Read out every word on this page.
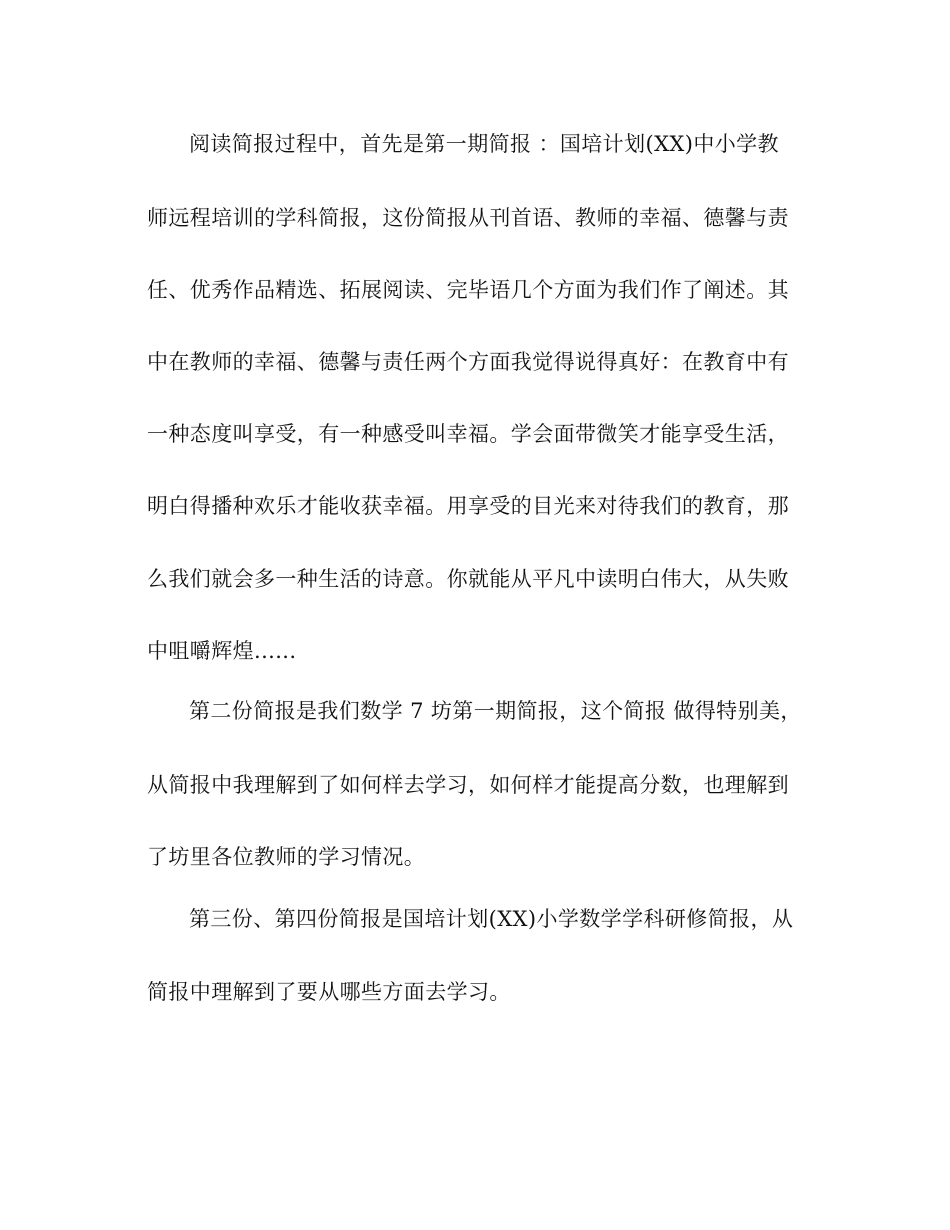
阅读简报过程中，首先是第一期简报 ：国培计划(XX)中小学教
师远程培训的学科简报，这份简报从刊首语、教师的幸福、德馨与责
任、优秀作品精选、拓展阅读、完毕语几个方面为我们作了阐述。其
中在教师的幸福、德馨与责任两个方面我觉得说得真好：在教育中有
一种态度叫享受，有一种感受叫幸福。学会面带微笑才能享受生活，
明白得播种欢乐才能收获幸福。用享受的目光来对待我们的教育，那
么我们就会多一种生活的诗意。你就能从平凡中读明白伟大，从失败
中咀嚼辉煌......
第二份简报是我们数学 7 坊第一期简报，这个简报 做得特别美，
从简报中我理解到了如何样去学习，如何样才能提高分数，也理解到
了坊里各位教师的学习情况。
第三份、第四份简报是国培计划(XX)小学数学学科研修简报，从
简报中理解到了要从哪些方面去学习。
